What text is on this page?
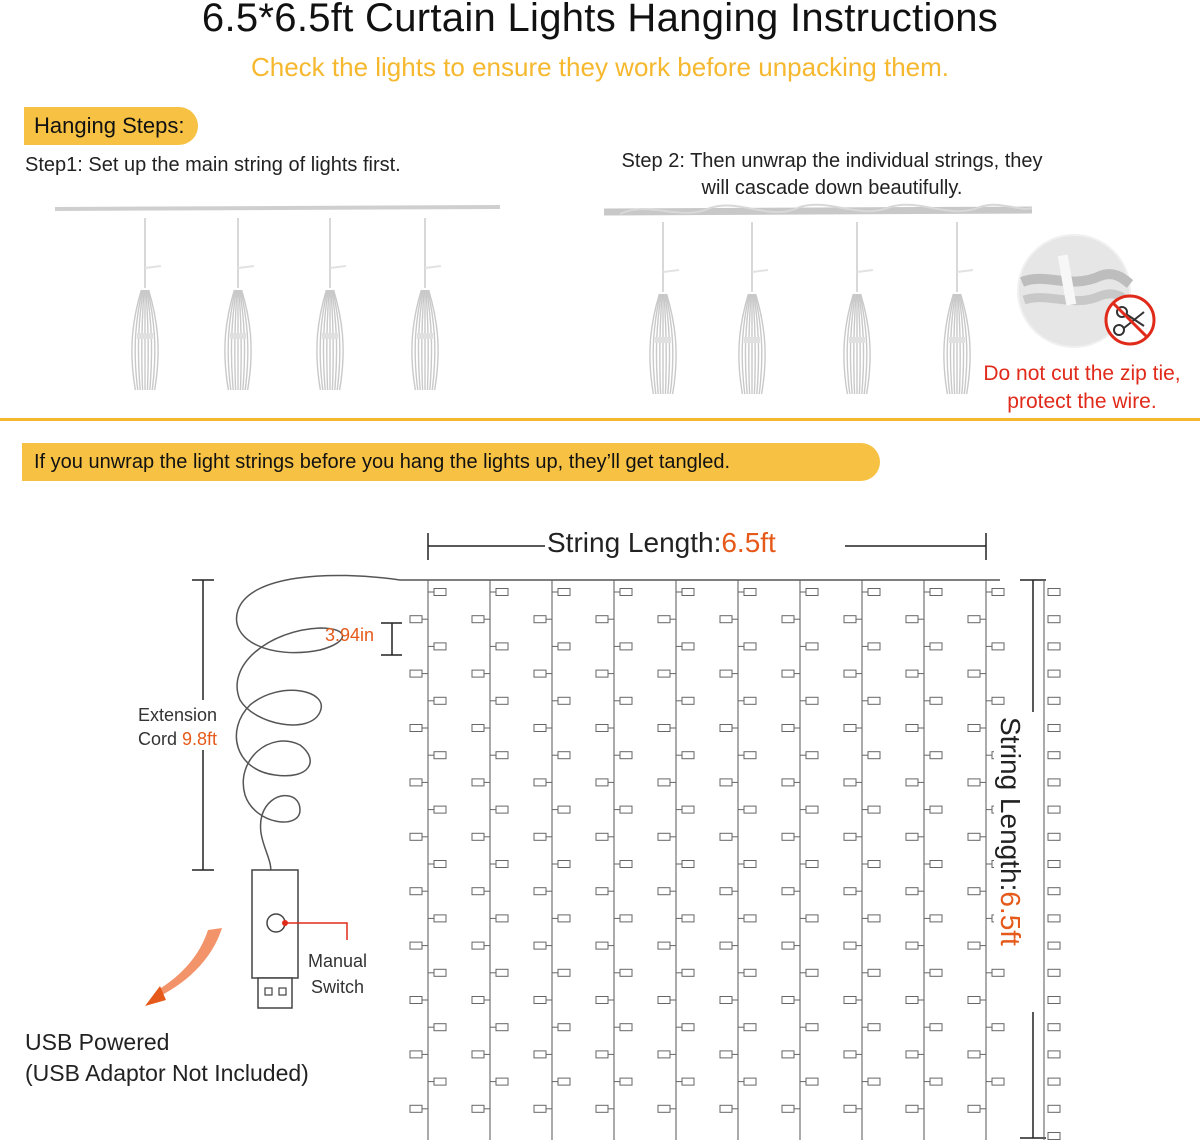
6.5*6.5ft Curtain Lights Hanging Instructions
Check the lights to ensure they work before unpacking them.
Hanging Steps:
Step1: Set up the main string of lights first.	Step 2: Then unwrap the individual strings, they
will cascade down beautifully.
Do not cut the zip tie,
protect the wire.
If you unwrap the light strings before you hang the lights up, they’ll get tangled.
String Length:6.5ft
String Length:6.5ft
3.94in
Extension
Cord 9.8ft
Manual
Switch
USB Powered
(USB Adaptor Not Included)
